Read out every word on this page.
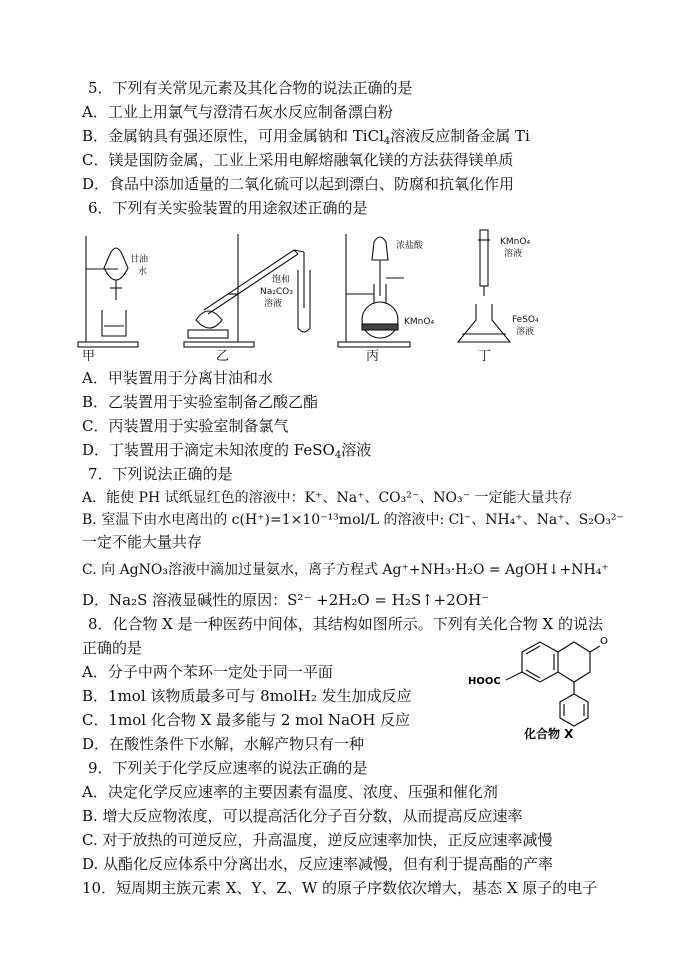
5．下列有关常见元素及其化合物的说法正确的是
A．工业上用氯气与澄清石灰水反应制备漂白粉
B．金属钠具有强还原性，可用金属钠和 TiCl$_4$溶液反应制备金属 Ti
C．镁是国防金属，工业上采用电解熔融氧化镁的方法获得镁单质
D．食品中添加适量的二氧化硫可以起到漂白、防腐和抗氧化作用
6．下列有关实验装置的用途叙述正确的是
甘油
水
饱和
Na₂CO₃
溶液
浓盐酸
KMnO₄
KMnO₄
溶液
FeSO₄
溶液
甲	乙	丙	丁
A．甲装置用于分离甘油和水
B．乙装置用于实验室制备乙酸乙酯
C．丙装置用于实验室制备氯气
D．丁装置用于滴定未知浓度的 FeSO$_4$溶液
7．下列说法正确的是
A．能使 PH 试纸显红色的溶液中：K⁺、Na⁺、CO₃²⁻、NO₃⁻ 一定能大量共存
B. 室温下由水电离出的 c(H⁺)=1×10⁻¹³mol/L 的溶液中: Cl⁻、NH₄⁺、Na⁺、S₂O₃²⁻
一定不能大量共存
C. 向 AgNO₃溶液中滴加过量氨水，离子方程式 Ag⁺+NH₃·H₂O = AgOH↓+NH₄⁺
D．Na₂S 溶液显碱性的原因：S²⁻ +2H₂O = H₂S↑+2OH⁻
8．化合物 X 是一种医药中间体，其结构如图所示。下列有关化合物 X 的说法
正确的是
A．分子中两个苯环一定处于同一平面
B．1mol 该物质最多可与 8molH₂ 发生加成反应
C．1mol 化合物 X 最多能与 2 mol NaOH 反应
D．在酸性条件下水解，水解产物只有一种
HOOC
O
化合物 X
9．下列关于化学反应速率的说法正确的是
A．决定化学反应速率的主要因素有温度、浓度、压强和催化剂
B. 增大反应物浓度，可以提高活化分子百分数，从而提高反应速率
C. 对于放热的可逆反应，升高温度，逆反应速率加快，正反应速率减慢
D. 从酯化反应体系中分离出水，反应速率减慢，但有利于提高酯的产率
10．短周期主族元素 X、Y、Z、W 的原子序数依次增大，基态 X 原子的电子
